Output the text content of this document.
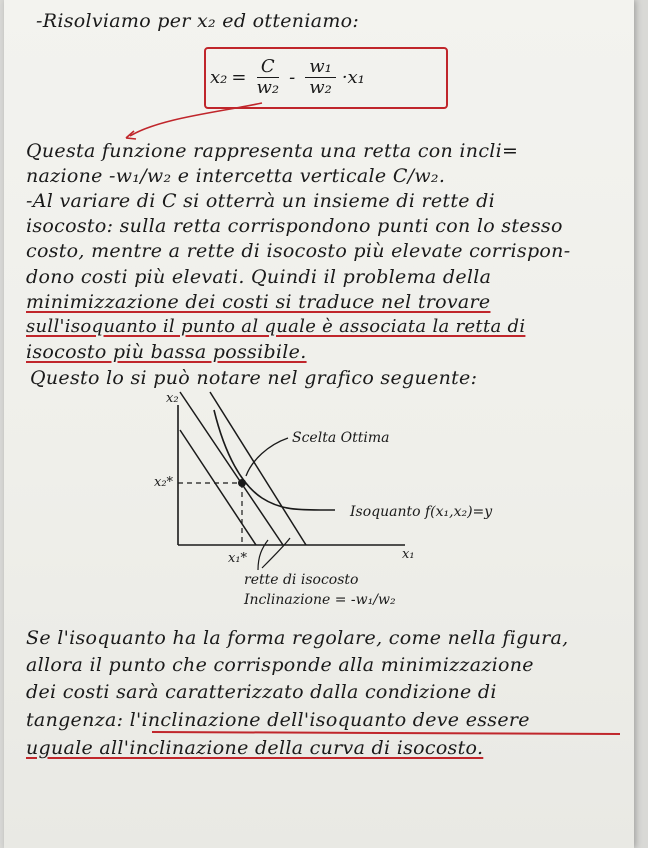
-Risolviamo per x₂ ed otteniamo:
$x_2 = \frac{C}{\text{w₂}} - \frac{\text{w₁}}{\text{w₂}} \cdot x_1$
Questa funzione rappresenta una retta con incli=
nazione -w₁/w₂ e intercetta verticale C/w₂.
-Al variare di C si otterrà un insieme di rette di
isocosto: sulla retta corrispondono punti con lo stesso
costo, mentre a rette di isocosto più elevate corrispon-
dono costi più elevati. Quindi il problema della
minimizzazione dei costi si traduce nel trovare
sull'isoquanto il punto al quale è associata la retta di
isocosto più bassa possibile.
Questo lo si può notare nel grafico seguente:
Se l'isoquanto ha la forma regolare, come nella figura,
allora il punto che corrisponde alla minimizzazione
dei costi sarà caratterizzato dalla condizione di
tangenza: l'inclinazione dell'isoquanto deve essere
uguale all'inclinazione della curva di isocosto.
x₂
x₁
x₂*
x₁*
Scelta Ottima
Isoquanto f(x₁,x₂)=y
rette di isocosto
Inclinazione = -w₁/w₂
